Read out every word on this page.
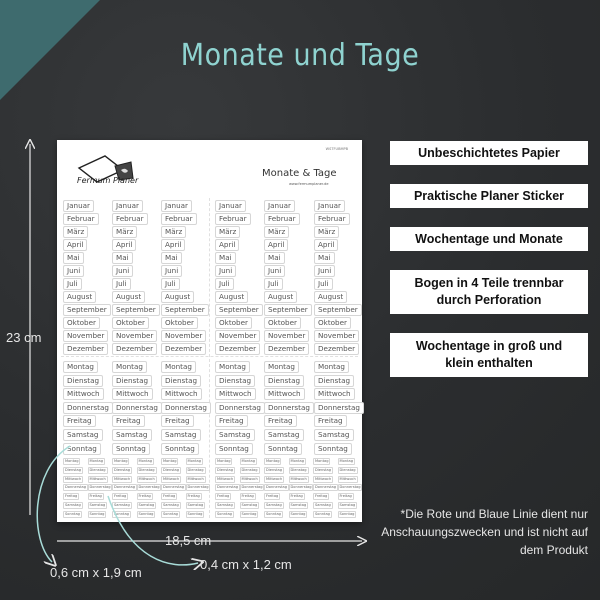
Monate und Tage
Fermum Planer
WSTFUBMPB
Monate & Tage
www.fermumplaner.de
Januar
Februar
März
April
Mai
Juni
Juli
August
September
Oktober
November
Dezember
Januar
Februar
März
April
Mai
Juni
Juli
August
September
Oktober
November
Dezember
Januar
Februar
März
April
Mai
Juni
Juli
August
September
Oktober
November
Dezember
Januar
Februar
März
April
Mai
Juni
Juli
August
September
Oktober
November
Dezember
Januar
Februar
März
April
Mai
Juni
Juli
August
September
Oktober
November
Dezember
Januar
Februar
März
April
Mai
Juni
Juli
August
September
Oktober
November
Dezember
Montag
Dienstag
Mittwoch
Donnerstag
Freitag
Samstag
Sonntag
Montag
Dienstag
Mittwoch
Donnerstag
Freitag
Samstag
Sonntag
Montag
Dienstag
Mittwoch
Donnerstag
Freitag
Samstag
Sonntag
Montag
Dienstag
Mittwoch
Donnerstag
Freitag
Samstag
Sonntag
Montag
Dienstag
Mittwoch
Donnerstag
Freitag
Samstag
Sonntag
Montag
Dienstag
Mittwoch
Donnerstag
Freitag
Samstag
Sonntag
Montag
Dienstag
Mittwoch
Donnerstag
Freitag
Samstag
Sonntag
Montag
Dienstag
Mittwoch
Donnerstag
Freitag
Samstag
Sonntag
Montag
Dienstag
Mittwoch
Donnerstag
Freitag
Samstag
Sonntag
Montag
Dienstag
Mittwoch
Donnerstag
Freitag
Samstag
Sonntag
Montag
Dienstag
Mittwoch
Donnerstag
Freitag
Samstag
Sonntag
Montag
Dienstag
Mittwoch
Donnerstag
Freitag
Samstag
Sonntag
Montag
Dienstag
Mittwoch
Donnerstag
Freitag
Samstag
Sonntag
Montag
Dienstag
Mittwoch
Donnerstag
Freitag
Samstag
Sonntag
Montag
Dienstag
Mittwoch
Donnerstag
Freitag
Samstag
Sonntag
Montag
Dienstag
Mittwoch
Donnerstag
Freitag
Samstag
Sonntag
Montag
Dienstag
Mittwoch
Donnerstag
Freitag
Samstag
Sonntag
Montag
Dienstag
Mittwoch
Donnerstag
Freitag
Samstag
Sonntag
Unbeschichtetes Papier
Praktische Planer Sticker
Wochentage und Monate
Bogen in 4 Teile trennbar durch Perforation
Wochentage in groß und klein enthalten
23 cm
18,5 cm
0,6 cm x 1,9 cm
0,4 cm x 1,2 cm
*Die Rote und Blaue Linie dient nur Anschauungszwecken und ist nicht auf dem Produkt
